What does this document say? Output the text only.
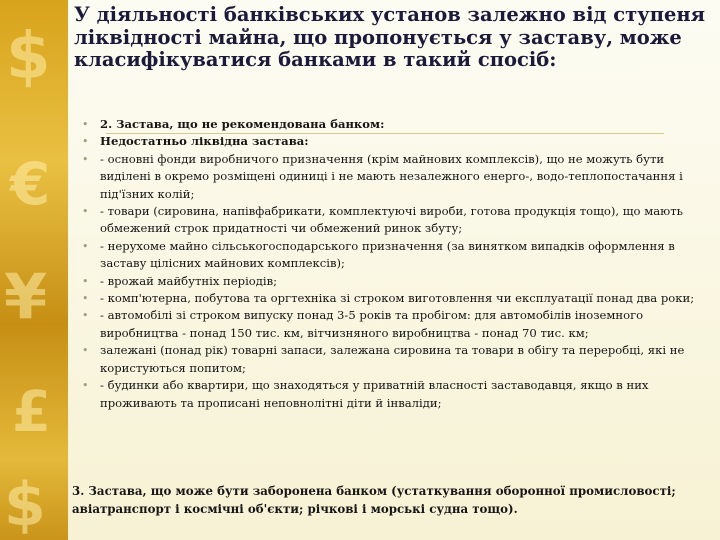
$
€
¥
£
$
У діяльності банківських установ залежно від ступеня ліквідності майна, що пропонується у заставу, може класифікуватися банками в такий спосіб:
• 2. Застава, що не рекомендована банком:
• Недостатньо ліквідна застава:
• - основні фонди виробничого призначення (крім майнових комплексів), що не можуть бути виділені в окремо розміщені одиниці і не мають незалежного енерго-, водо-теплопостачання і під'їзних колій;
• - товари (сировина, напівфабрикати, комплектуючі вироби, готова продукція тощо), що мають обмежений строк придатності чи обмежений ринок збуту;
• - нерухоме майно сільськогосподарського призначення (за винятком випадків оформлення в заставу цілісних майнових комплексів);
• - врожай майбутніх періодів;
• - комп'ютерна, побутова та оргтехніка зі строком виготовлення чи експлуатації понад два роки;
• - автомобілі зі строком випуску понад 3-5 років та пробігом: для автомобілів іноземного виробництва - понад 150 тис. км, вітчизняного виробництва - понад 70 тис. км;
• залежані (понад рік) товарні запаси, залежана сировина та товари в обігу та переробці, які не користуються попитом;
• - будинки або квартири, що знаходяться у приватній власності заставодавця, якщо в них проживають та прописані неповнолітні діти й інваліди;

3. Застава, що може бути заборонена банком (устаткування оборонної промисловості; авіатранспорт і космічні об'єкти; річкові і морські судна тощо).
